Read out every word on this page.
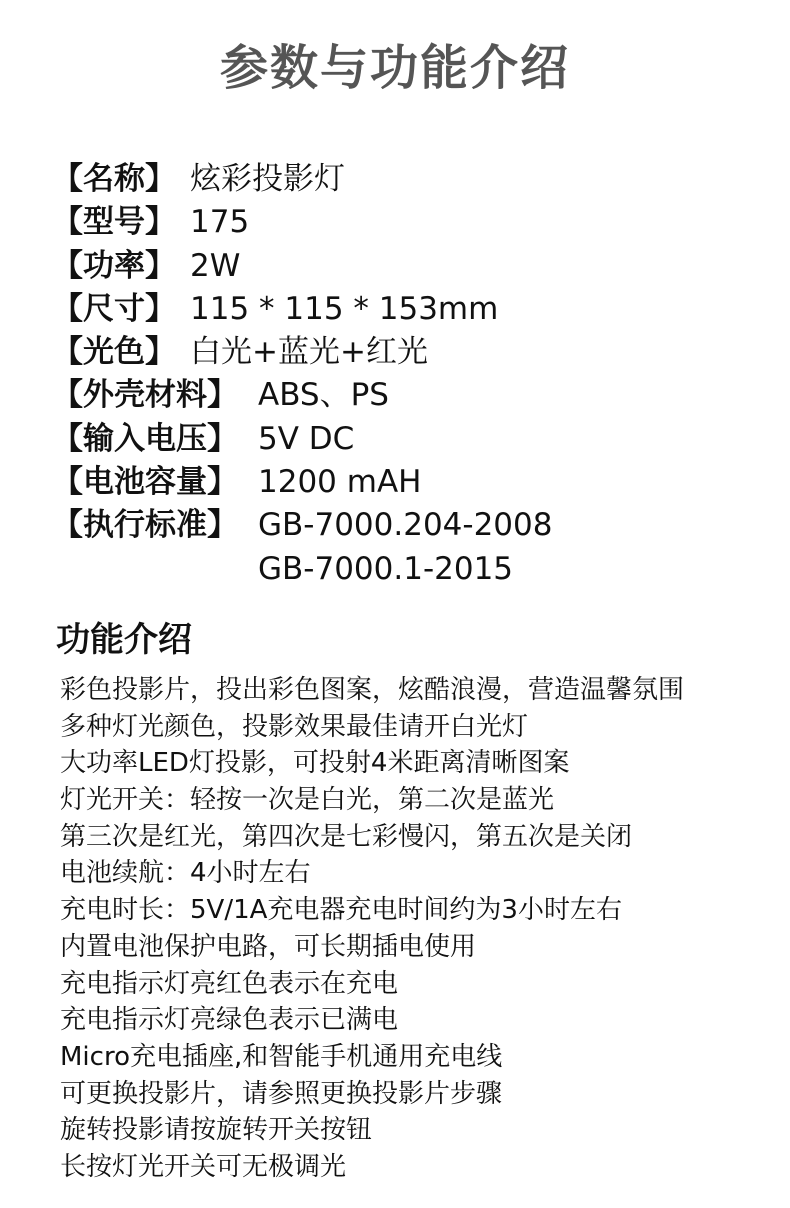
参数与功能介绍
【名称】 炫彩投影灯
【型号】 175
【功率】 2W
【尺寸】 115 * 115 * 153mm
【光色】 白光+蓝光+红光
【外壳材料】 ABS、PS
【输入电压】 5V DC
【电池容量】 1200 mAH
【执行标准】 GB-7000.204-2008
GB-7000.1-2015
功能介绍
彩色投影片，投出彩色图案，炫酷浪漫，营造温馨氛围
多种灯光颜色，投影效果最佳请开白光灯
大功率LED灯投影，可投射4米距离清晰图案
灯光开关：轻按一次是白光，第二次是蓝光
第三次是红光，第四次是七彩慢闪，第五次是关闭
电池续航：4小时左右
充电时长：5V/1A充电器充电时间约为3小时左右
内置电池保护电路，可长期插电使用
充电指示灯亮红色表示在充电
充电指示灯亮绿色表示已满电
Micro充电插座,和智能手机通用充电线
可更换投影片，请参照更换投影片步骤
旋转投影请按旋转开关按钮
长按灯光开关可无极调光
